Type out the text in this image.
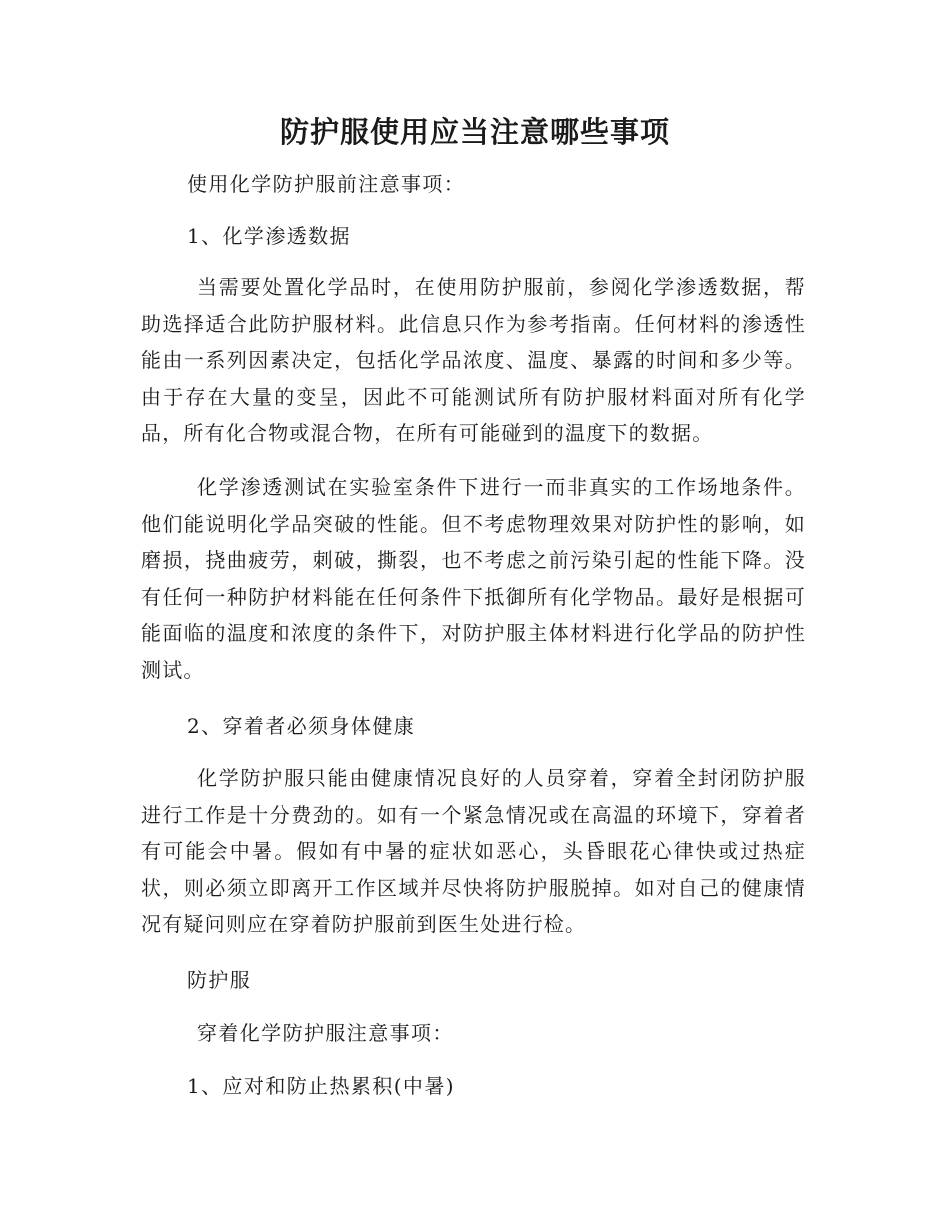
防护服使用应当注意哪些事项
使用化学防护服前注意事项：
1、化学渗透数据
当需要处置化学品时，在使用防护服前，参阅化学渗透数据，帮助选择适合此防护服材料。此信息只作为参考指南。任何材料的渗透性能由一系列因素决定，包括化学品浓度、温度、暴露的时间和多少等。由于存在大量的变呈，因此不可能测试所有防护服材料面对所有化学品，所有化合物或混合物，在所有可能碰到的温度下的数据。
化学渗透测试在实验室条件下进行一而非真实的工作场地条件。他们能说明化学品突破的性能。但不考虑物理效果对防护性的影响，如磨损，挠曲疲劳，刺破，撕裂，也不考虑之前污染引起的性能下降。没有任何一种防护材料能在任何条件下抵御所有化学物品。最好是根据可能面临的温度和浓度的条件下，对防护服主体材料进行化学品的防护性测试。
2、穿着者必须身体健康
化学防护服只能由健康情况良好的人员穿着，穿着全封闭防护服进行工作是十分费劲的。如有一个紧急情况或在高温的环境下，穿着者有可能会中暑。假如有中暑的症状如恶心，头昏眼花心律快或过热症状，则必须立即离开工作区域并尽快将防护服脱掉。如对自己的健康情况有疑问则应在穿着防护服前到医生处进行检。
防护服
穿着化学防护服注意事项：
1、应对和防止热累积(中暑)
